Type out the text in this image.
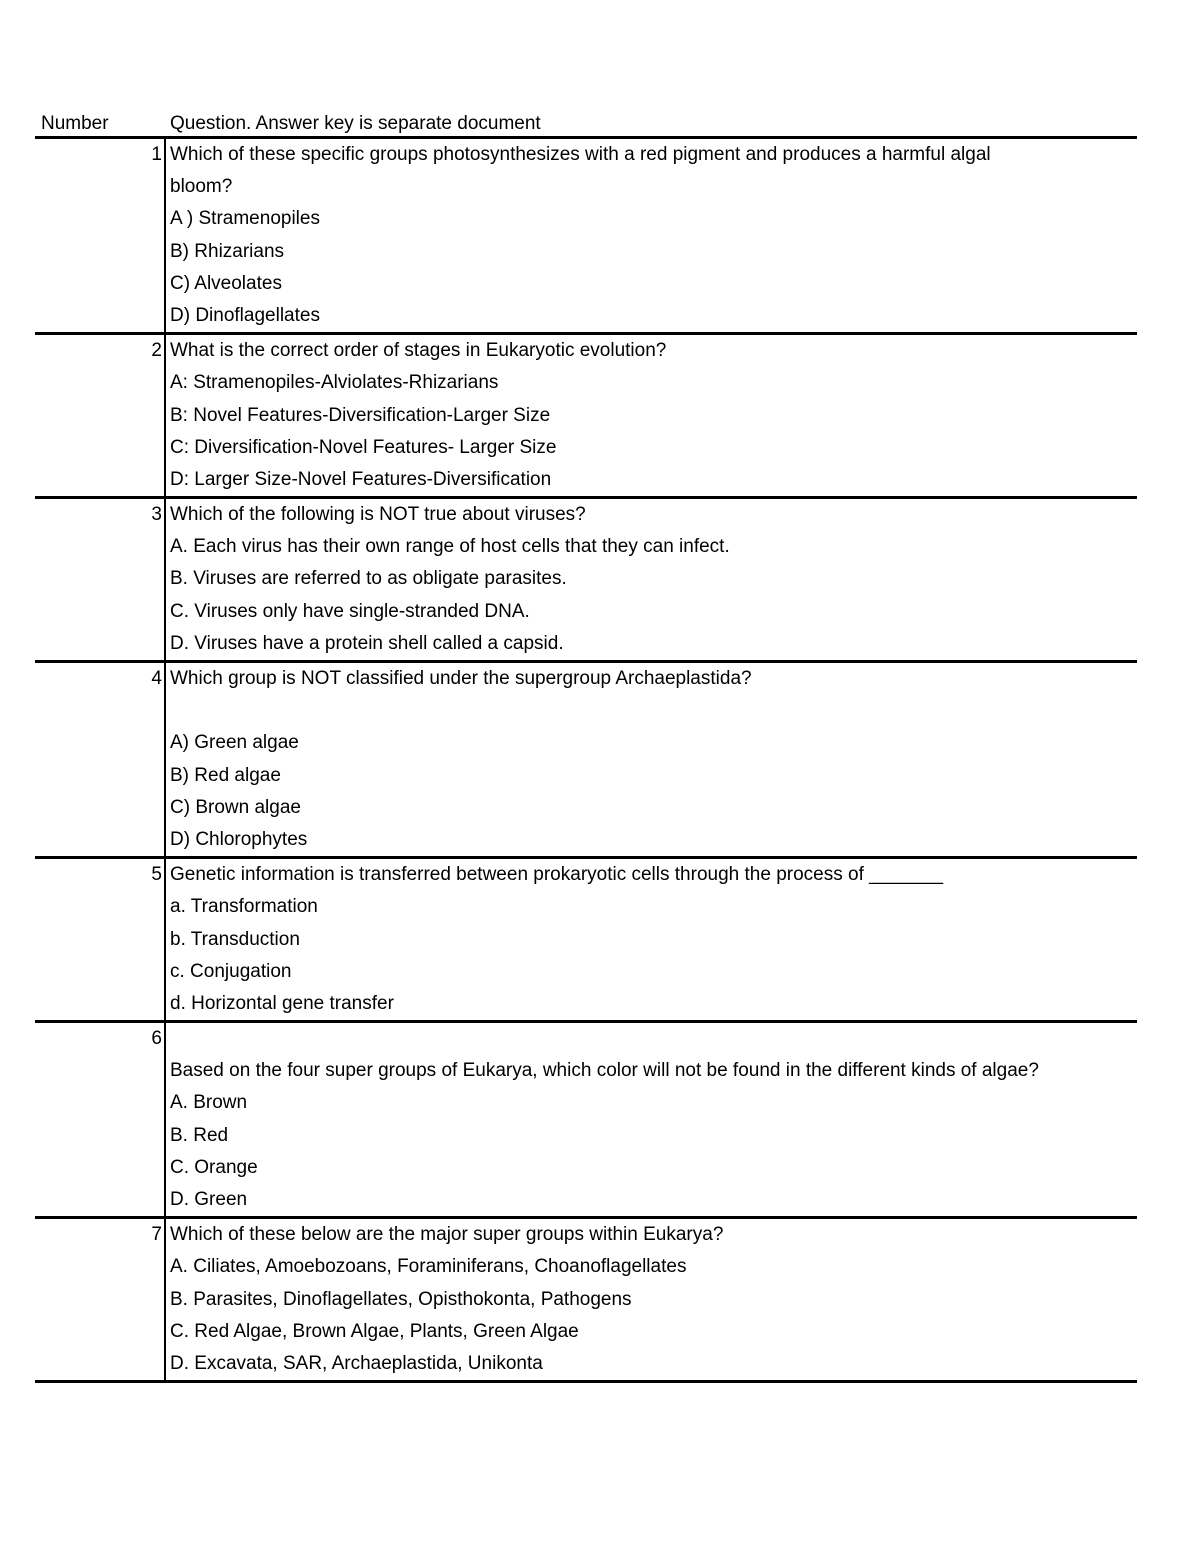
Number	Question. Answer key is separate document
1 Which of these specific groups photosynthesizes with a red pigment and produces a harmful algal
bloom?
A ) Stramenopiles
B) Rhizarians
C) Alveolates
D) Dinoflagellates
2 What is the correct order of stages in Eukaryotic evolution?
A: Stramenopiles-Alviolates-Rhizarians
B: Novel Features-Diversification-Larger Size
C: Diversification-Novel Features- Larger Size
D: Larger Size-Novel Features-Diversification
3 Which of the following is NOT true about viruses?
A. Each virus has their own range of host cells that they can infect.
B. Viruses are referred to as obligate parasites.
C. Viruses only have single-stranded DNA.
D. Viruses have a protein shell called a capsid.
4 Which group is NOT classified under the supergroup Archaeplastida?
A) Green algae
B) Red algae
C) Brown algae
D) Chlorophytes
5 Genetic information is transferred between prokaryotic cells through the process of _______
a. Transformation
b. Transduction
c. Conjugation
d. Horizontal gene transfer
6
Based on the four super groups of Eukarya, which color will not be found in the different kinds of algae?
A. Brown
B. Red
C. Orange
D. Green
7 Which of these below are the major super groups within Eukarya?
A. Ciliates, Amoebozoans, Foraminiferans, Choanoflagellates
B. Parasites, Dinoflagellates, Opisthokonta, Pathogens
C. Red Algae, Brown Algae, Plants, Green Algae
D. Excavata, SAR, Archaeplastida, Unikonta
